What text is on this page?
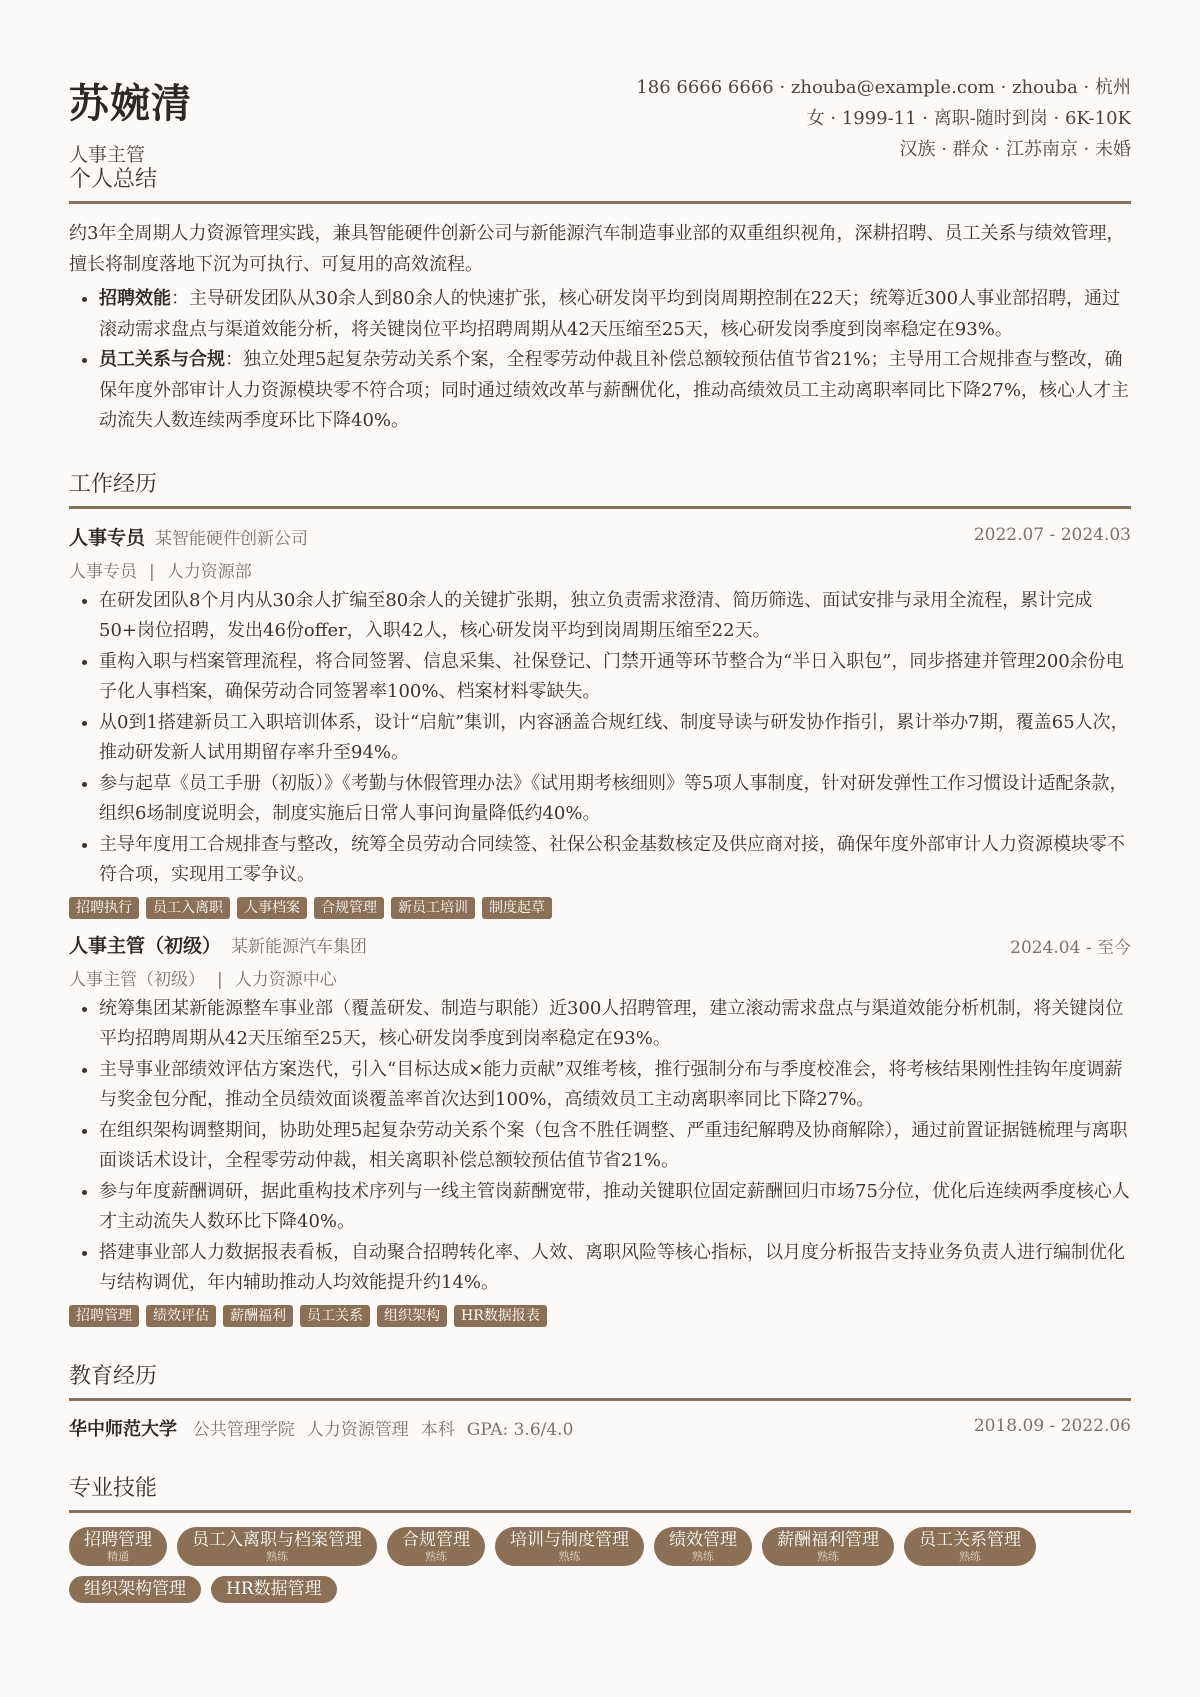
苏婉清
人事主管
186 6666 6666 · zhouba@example.com · zhouba · 杭州
女 · 1999-11 · 离职-随时到岗 · 6K-10K
汉族 · 群众 · 江苏南京 · 未婚
个人总结

约3年全周期人力资源管理实践，兼具智能硬件创新公司与新能源汽车制造事业部的双重组织视角，深耕招聘、员工关系与绩效管理，擅长将制度落地下沉为可执行、可复用的高效流程。

• 招聘效能：主导研发团队从30余人到80余人的快速扩张，核心研发岗平均到岗周期控制在22天；统筹近300人事业部招聘，通过滚动需求盘点与渠道效能分析，将关键岗位平均招聘周期从42天压缩至25天，核心研发岗季度到岗率稳定在93%。
• 员工关系与合规：独立处理5起复杂劳动关系个案，全程零劳动仲裁且补偿总额较预估值节省21%；主导用工合规排查与整改，确保年度外部审计人力资源模块零不符合项；同时通过绩效改革与薪酬优化，推动高绩效员工主动离职率同比下降27%，核心人才主动流失人数连续两季度环比下降40%。
工作经历
人事专员 某智能硬件创新公司	2022.07 - 2024.03
人事专员 | 人力资源部
• 在研发团队8个月内从30余人扩编至80余人的关键扩张期，独立负责需求澄清、简历筛选、面试安排与录用全流程，累计完成50+岗位招聘，发出46份offer，入职42人，核心研发岗平均到岗周期压缩至22天。
• 重构入职与档案管理流程，将合同签署、信息采集、社保登记、门禁开通等环节整合为“半日入职包”，同步搭建并管理200余份电子化人事档案，确保劳动合同签署率100%、档案材料零缺失。
• 从0到1搭建新员工入职培训体系，设计“启航”集训，内容涵盖合规红线、制度导读与研发协作指引，累计举办7期，覆盖65人次，推动研发新人试用期留存率升至94%。
• 参与起草《员工手册（初版）》《考勤与休假管理办法》《试用期考核细则》等5项人事制度，针对研发弹性工作习惯设计适配条款，组织6场制度说明会，制度实施后日常人事问询量降低约40%。
• 主导年度用工合规排查与整改，统筹全员劳动合同续签、社保公积金基数核定及供应商对接，确保年度外部审计人力资源模块零不符合项，实现用工零争议。
招聘执行	员工入离职	人事档案	合规管理	新员工培训	制度起草
人事主管（初级） 某新能源汽车集团	2024.04 - 至今
人事主管（初级） | 人力资源中心
• 统筹集团某新能源整车事业部（覆盖研发、制造与职能）近300人招聘管理，建立滚动需求盘点与渠道效能分析机制，将关键岗位平均招聘周期从42天压缩至25天，核心研发岗季度到岗率稳定在93%。
• 主导事业部绩效评估方案迭代，引入“目标达成×能力贡献”双维考核，推行强制分布与季度校准会，将考核结果刚性挂钩年度调薪与奖金包分配，推动全员绩效面谈覆盖率首次达到100%，高绩效员工主动离职率同比下降27%。
• 在组织架构调整期间，协助处理5起复杂劳动关系个案（包含不胜任调整、严重违纪解聘及协商解除），通过前置证据链梳理与离职面谈话术设计，全程零劳动仲裁，相关离职补偿总额较预估值节省21%。
• 参与年度薪酬调研，据此重构技术序列与一线主管岗薪酬宽带，推动关键职位固定薪酬回归市场75分位，优化后连续两季度核心人才主动流失人数环比下降40%。
• 搭建事业部人力数据报表看板，自动聚合招聘转化率、人效、离职风险等核心指标，以月度分析报告支持业务负责人进行编制优化与结构调优，年内辅助推动人均效能提升约14%。
招聘管理	绩效评估	薪酬福利	员工关系	组织架构	HR数据报表
教育经历
华中师范大学 公共管理学院 人力资源管理 本科 GPA: 3.6/4.0	2018.09 - 2022.06
专业技能
招聘管理
精通
员工入离职与档案管理
熟练
合规管理
熟练
培训与制度管理
熟练
绩效管理
熟练
薪酬福利管理
熟练
员工关系管理
熟练
组织架构管理 HR数据管理
